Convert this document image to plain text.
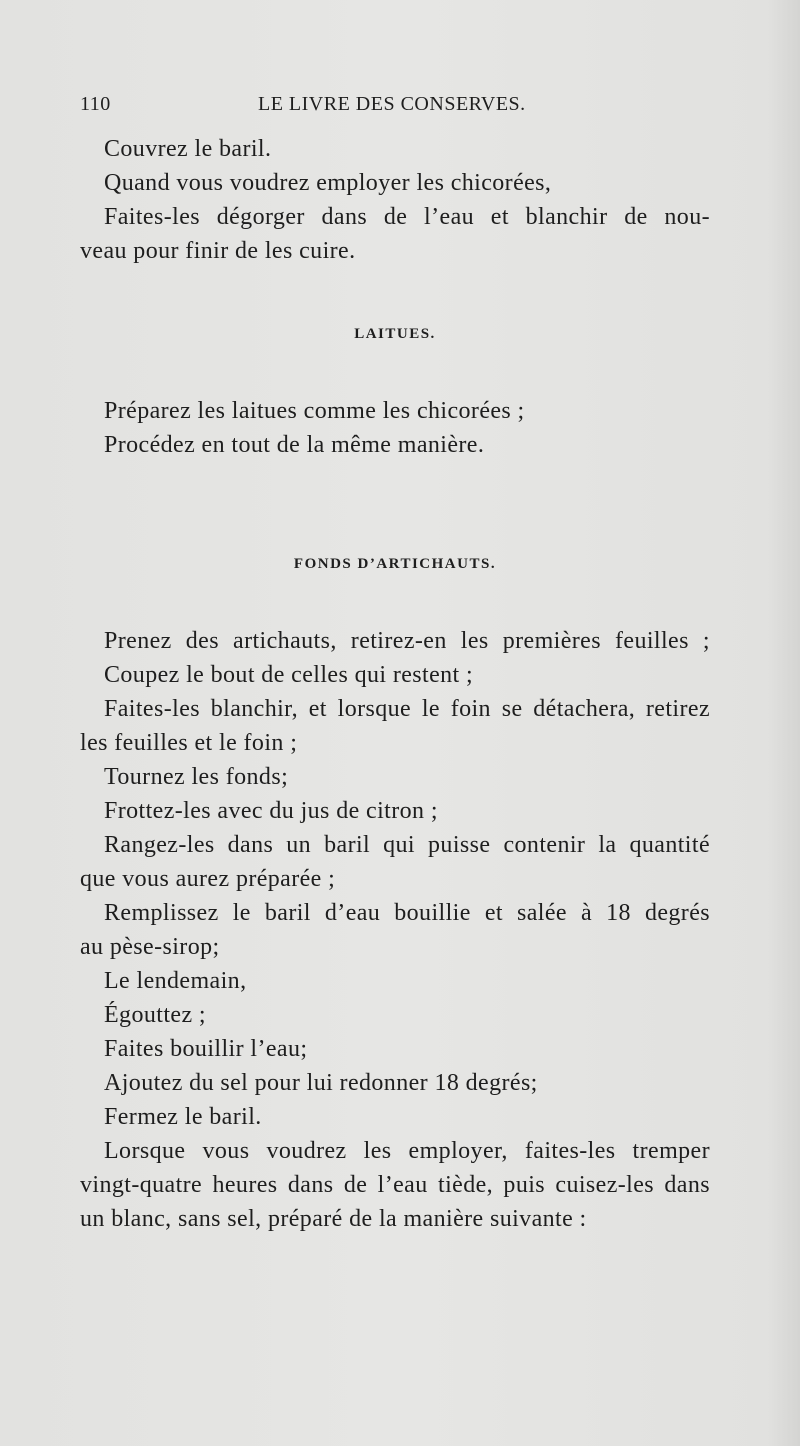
110	LE LIVRE DES CONSERVES.
Couvrez le baril.
Quand vous voudrez employer les chicorées,
Faites-les dégorger dans de l’eau et blanchir de nou-
veau pour finir de les cuire.
LAITUES.
Préparez les laitues comme les chicorées ;
Procédez en tout de la même manière.
FONDS D’ARTICHAUTS.
Prenez des artichauts, retirez-en les premières feuilles ;
Coupez le bout de celles qui restent ;
Faites-les blanchir, et lorsque le foin se détachera, retirez
les feuilles et le foin ;
Tournez les fonds;
Frottez-les avec du jus de citron ;
Rangez-les dans un baril qui puisse contenir la quantité
que vous aurez préparée ;
Remplissez le baril d’eau bouillie et salée à 18 degrés
au pèse-sirop;
Le lendemain,
Égouttez ;
Faites bouillir l’eau;
Ajoutez du sel pour lui redonner 18 degrés;
Fermez le baril.
Lorsque vous voudrez les employer, faites-les tremper
vingt-quatre heures dans de l’eau tiède, puis cuisez-les dans
un blanc, sans sel, préparé de la manière suivante :
